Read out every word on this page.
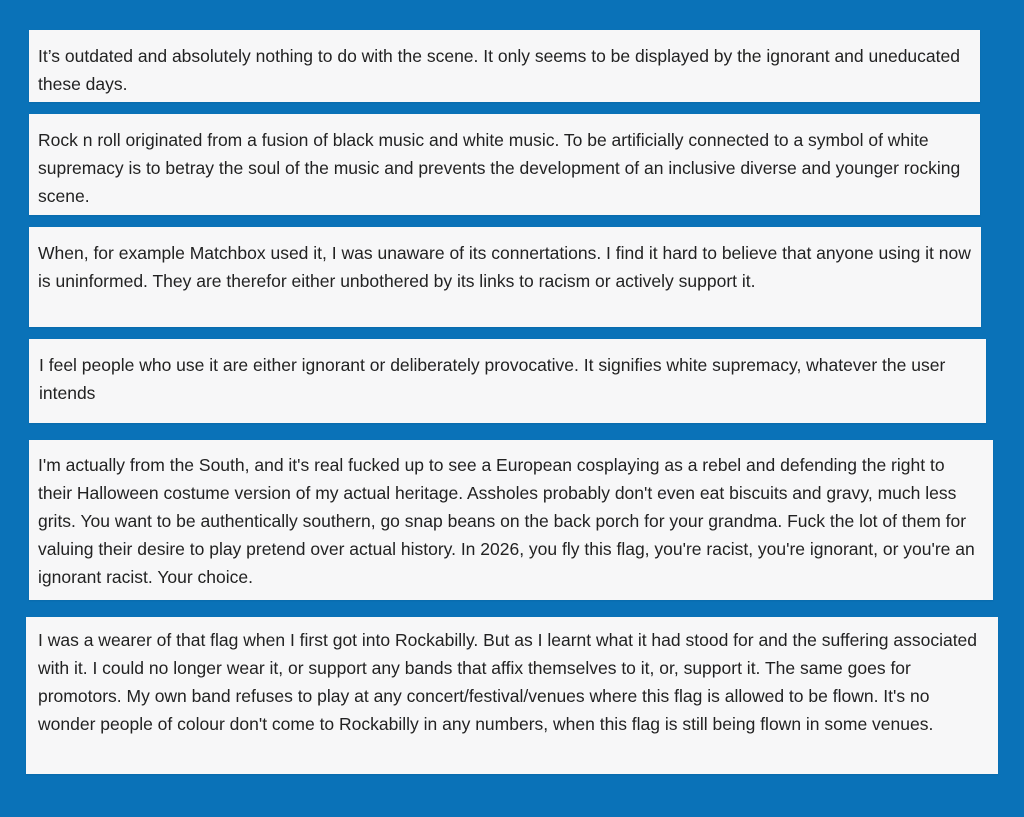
It’s outdated and absolutely nothing to do with the scene. It only seems to be displayed by the ignorant and uneducated these days.

Rock n roll originated from a fusion of black music and white music. To be artificially connected to a symbol of white supremacy is to betray the soul of the music and prevents the development of an inclusive diverse and younger rocking scene.

When, for example Matchbox used it, I was unaware of its connertations. I find it hard to believe that anyone using it now is uninformed. They are therefor either unbothered by its links to racism or actively support it.

I feel people who use it are either ignorant or deliberately provocative. It signifies white supremacy, whatever the user intends

I'm actually from the South, and it's real fucked up to see a European cosplaying as a rebel and defending the right to their Halloween costume version of my actual heritage. Assholes probably don't even eat biscuits and gravy, much less grits. You want to be authentically southern, go snap beans on the back porch for your grandma. Fuck the lot of them for valuing their desire to play pretend over actual history. In 2026, you fly this flag, you're racist, you're ignorant, or you're an ignorant racist. Your choice.

I was a wearer of that flag when I first got into Rockabilly. But as I learnt what it had stood for and the suffering associated with it. I could no longer wear it, or support any bands that affix themselves to it, or, support it. The same goes for promotors. My own band refuses to play at any concert/festival/venues where this flag is allowed to be flown. It's no wonder people of colour don't come to Rockabilly in any numbers, when this flag is still being flown in some venues.
